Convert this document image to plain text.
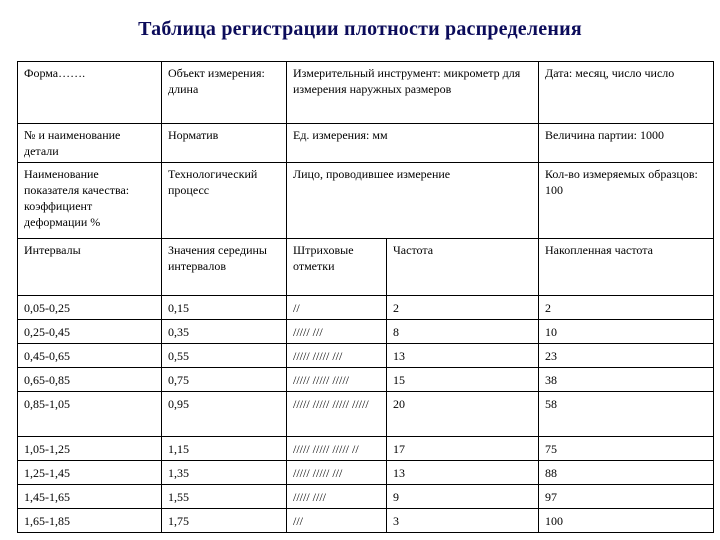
Таблица регистрации плотности распределения
Форма…….	Объект измерения: длина	Измерительный инструмент: микрометр для измерения наружных размеров		Дата: месяц, число число
№ и наименование детали	Норматив	Ед. измерения: мм		Величина партии: 1000
Наименование показателя качества: коэффициент деформации %	Технологический процесс	Лицо, проводившее измерение		Кол-во измеряемых образцов: 100
Интервалы	Значения середины интервалов	Штриховые отметки	Частота	Накопленная частота
0,05-0,25	0,15	//	2	2
0,25-0,45	0,35	///// ///	8	10
0,45-0,65	0,55	///// ///// ///	13	23
0,65-0,85	0,75	///// ///// /////	15	38
0,85-1,05	0,95	///// ///// ///// /////	20	58
1,05-1,25	1,15	///// ///// ///// //	17	75
1,25-1,45	1,35	///// ///// ///	13	88
1,45-1,65	1,55	///// ////	9	97
1,65-1,85	1,75	///	3	100
